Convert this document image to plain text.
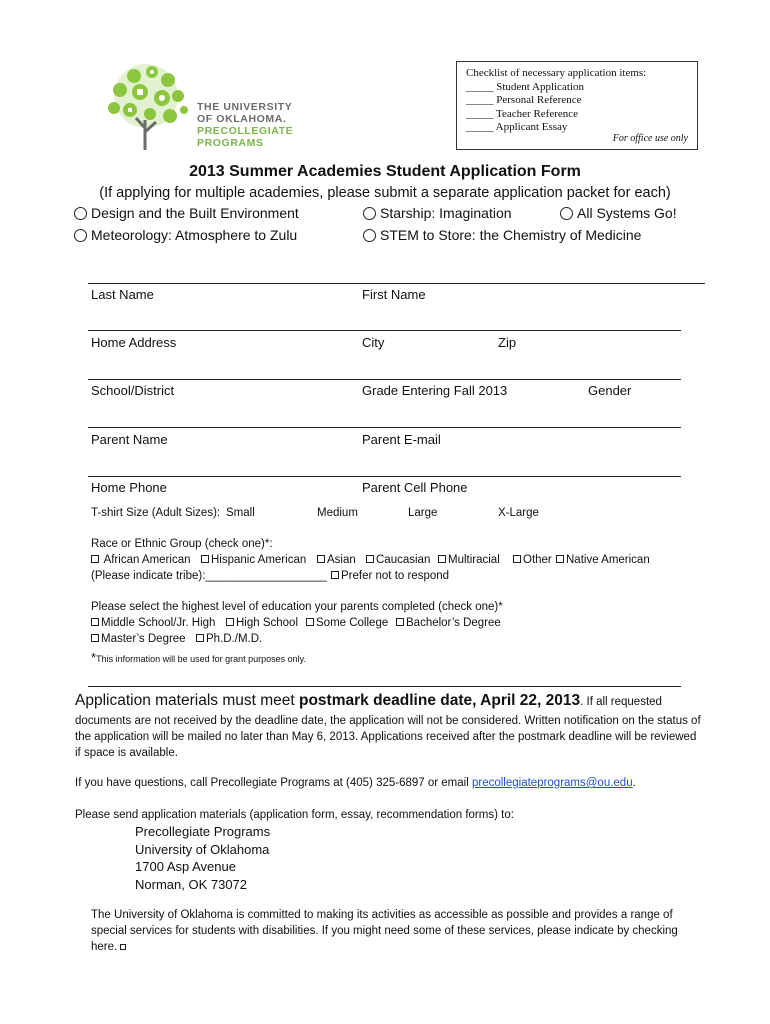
Checklist of necessary application items:
_____ Student Application
_____ Personal Reference
_____ Teacher Reference
_____ Applicant Essay
For office use only
THE UNIVERSITY
OF OKLAHOMA.
PRECOLLEGIATE
PROGRAMS
2013 Summer Academies Student Application Form
(If applying for multiple academies, please submit a separate application packet for each)
Design and the Built Environment	Starship: Imagination	All Systems Go!
Meteorology: Atmosphere to Zulu	STEM to Store: the Chemistry of Medicine
Last Name	First Name
Home Address	City	Zip
School/District	Grade Entering Fall 2013	Gender
Parent Name	Parent E-mail
Home Phone	Parent Cell Phone
T-shirt Size (Adult Sizes): Small	Medium	Large	X-Large
Race or Ethnic Group (check one)*:
African American	Hispanic American	Asian	Caucasian	Multiracial	Other	Native American
(Please indicate tribe):___________________	Prefer not to respond
Please select the highest level of education your parents completed (check one)*
Middle School/Jr. High	High School	Some College	Bachelor’s Degree
Master’s Degree	Ph.D./M.D.
*This information will be used for grant purposes only.
Application materials must meet postmark deadline date, April 22, 2013. If all requested
documents are not received by the deadline date, the application will not be considered. Written notification on the status of the application will be mailed no later than May 6, 2013. Applications received after the postmark deadline will be reviewed if space is available.
If you have questions, call Precollegiate Programs at (405) 325-6897 or email precollegiateprograms@ou.edu.
Please send application materials (application form, essay, recommendation forms) to:
Precollegiate Programs
University of Oklahoma
1700 Asp Avenue
Norman, OK 73072
The University of Oklahoma is committed to making its activities as accessible as possible and provides a range of special services for students with disabilities. If you might need some of these services, please indicate by checking here.
